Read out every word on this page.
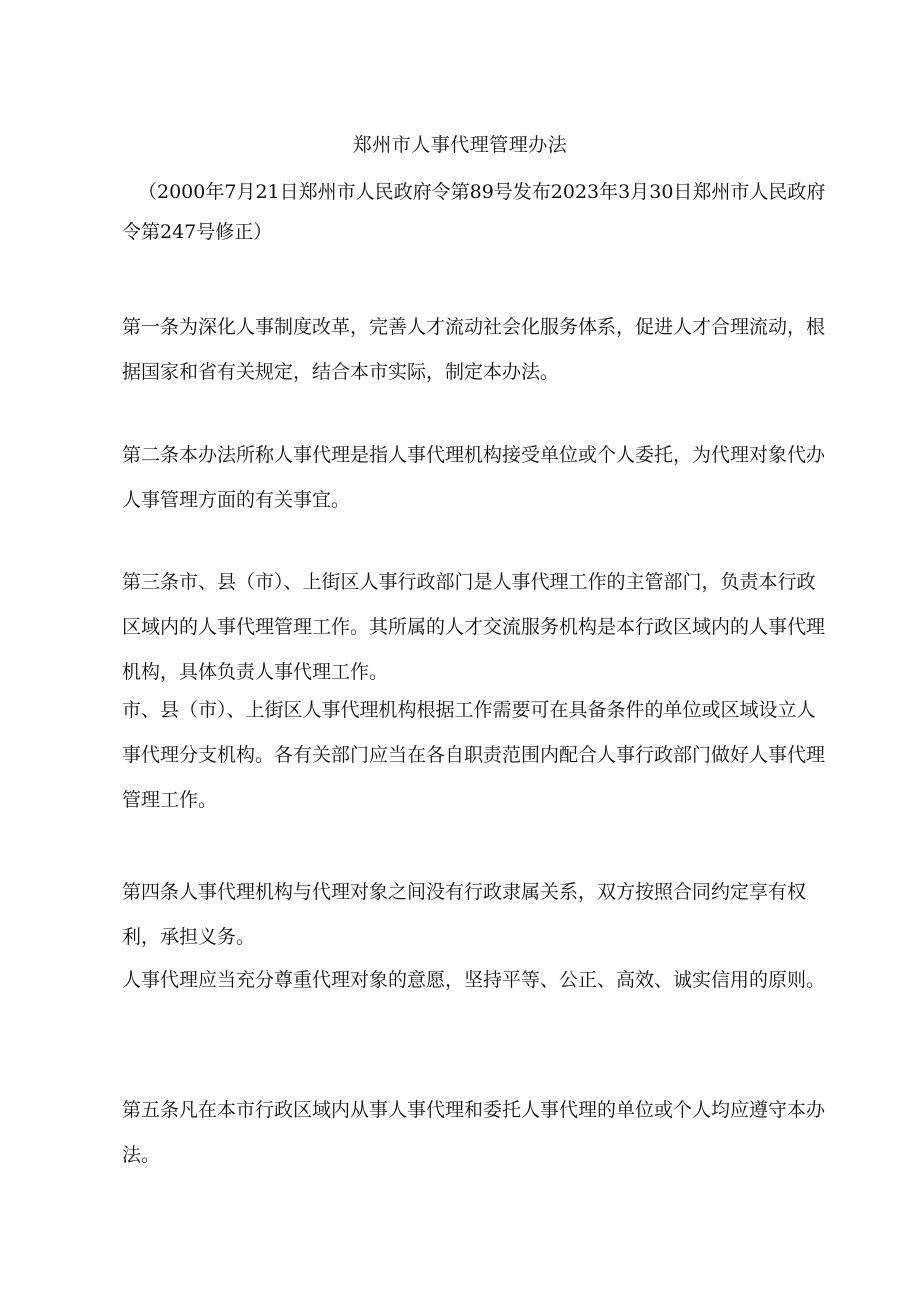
郑州市人事代理管理办法

（2000年7月21日郑州市人民政府令第89号发布2023年3月30日郑州市人民政府令第247号修正）

第一条为深化人事制度改革，完善人才流动社会化服务体系，促进人才合理流动，根据国家和省有关规定，结合本市实际，制定本办法。

第二条本办法所称人事代理是指人事代理机构接受单位或个人委托，为代理对象代办人事管理方面的有关事宜。

第三条市、县（市）、上街区人事行政部门是人事代理工作的主管部门，负责本行政区域内的人事代理管理工作。其所属的人才交流服务机构是本行政区域内的人事代理机构，具体负责人事代理工作。

市、县（市）、上街区人事代理机构根据工作需要可在具备条件的单位或区域设立人事代理分支机构。各有关部门应当在各自职责范围内配合人事行政部门做好人事代理管理工作。

第四条人事代理机构与代理对象之间没有行政隶属关系，双方按照合同约定享有权利，承担义务。

人事代理应当充分尊重代理对象的意愿，坚持平等、公正、高效、诚实信用的原则。

第五条凡在本市行政区域内从事人事代理和委托人事代理的单位或个人均应遵守本办法。
